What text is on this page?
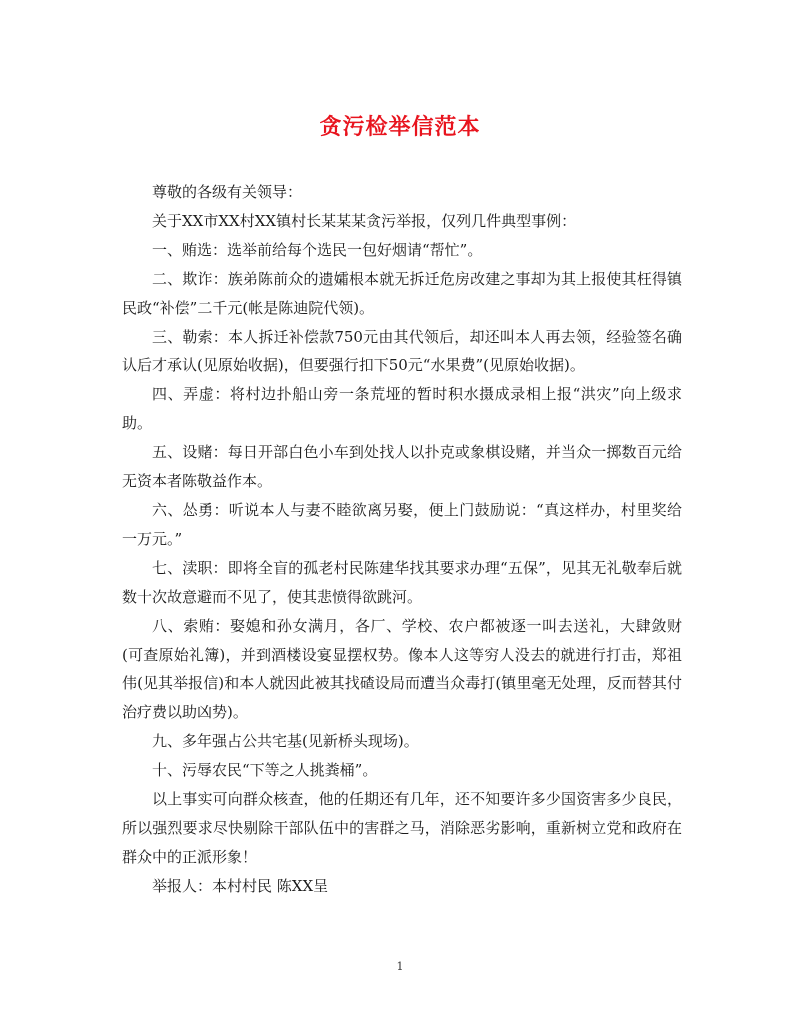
贪污检举信范本

尊敬的各级有关领导：

关于XX市XX村XX镇村长某某某贪污举报，仅列几件典型事例：

一、贿选：选举前给每个选民一包好烟请“帮忙”。

二、欺诈：族弟陈前众的遗孀根本就无拆迁危房改建之事却为其上报使其枉得镇民政“补偿”二千元(帐是陈迪院代领)。

三、勒索：本人拆迁补偿款750元由其代领后，却还叫本人再去领，经验签名确认后才承认(见原始收据)，但要强行扣下50元“水果费”(见原始收据)。

四、弄虚：将村边扑船山旁一条荒垭的暂时积水摄成录相上报“洪灾”向上级求助。

五、设赌：每日开部白色小车到处找人以扑克或象棋设赌，并当众一掷数百元给无资本者陈敬益作本。

六、怂勇：听说本人与妻不睦欲离另娶，便上门鼓励说：“真这样办，村里奖给一万元。”

七、渎职：即将全盲的孤老村民陈建华找其要求办理“五保”，见其无礼敬奉后就数十次故意避而不见了，使其悲愤得欲跳河。

八、索贿：娶媳和孙女满月，各厂、学校、农户都被逐一叫去送礼，大肆敛财(可查原始礼簿)，并到酒楼设宴显摆权势。像本人这等穷人没去的就进行打击，郑祖伟(见其举报信)和本人就因此被其找碴设局而遭当众毒打(镇里毫无处理，反而替其付治疗费以助凶势)。

九、多年强占公共宅基(见新桥头现场)。

十、污辱农民“下等之人挑粪桶”。

以上事实可向群众核查，他的任期还有几年，还不知要许多少国资害多少良民，所以强烈要求尽快剔除干部队伍中的害群之马，消除恶劣影响，重新树立党和政府在群众中的正派形象！

举报人：本村村民 陈XX呈

1
